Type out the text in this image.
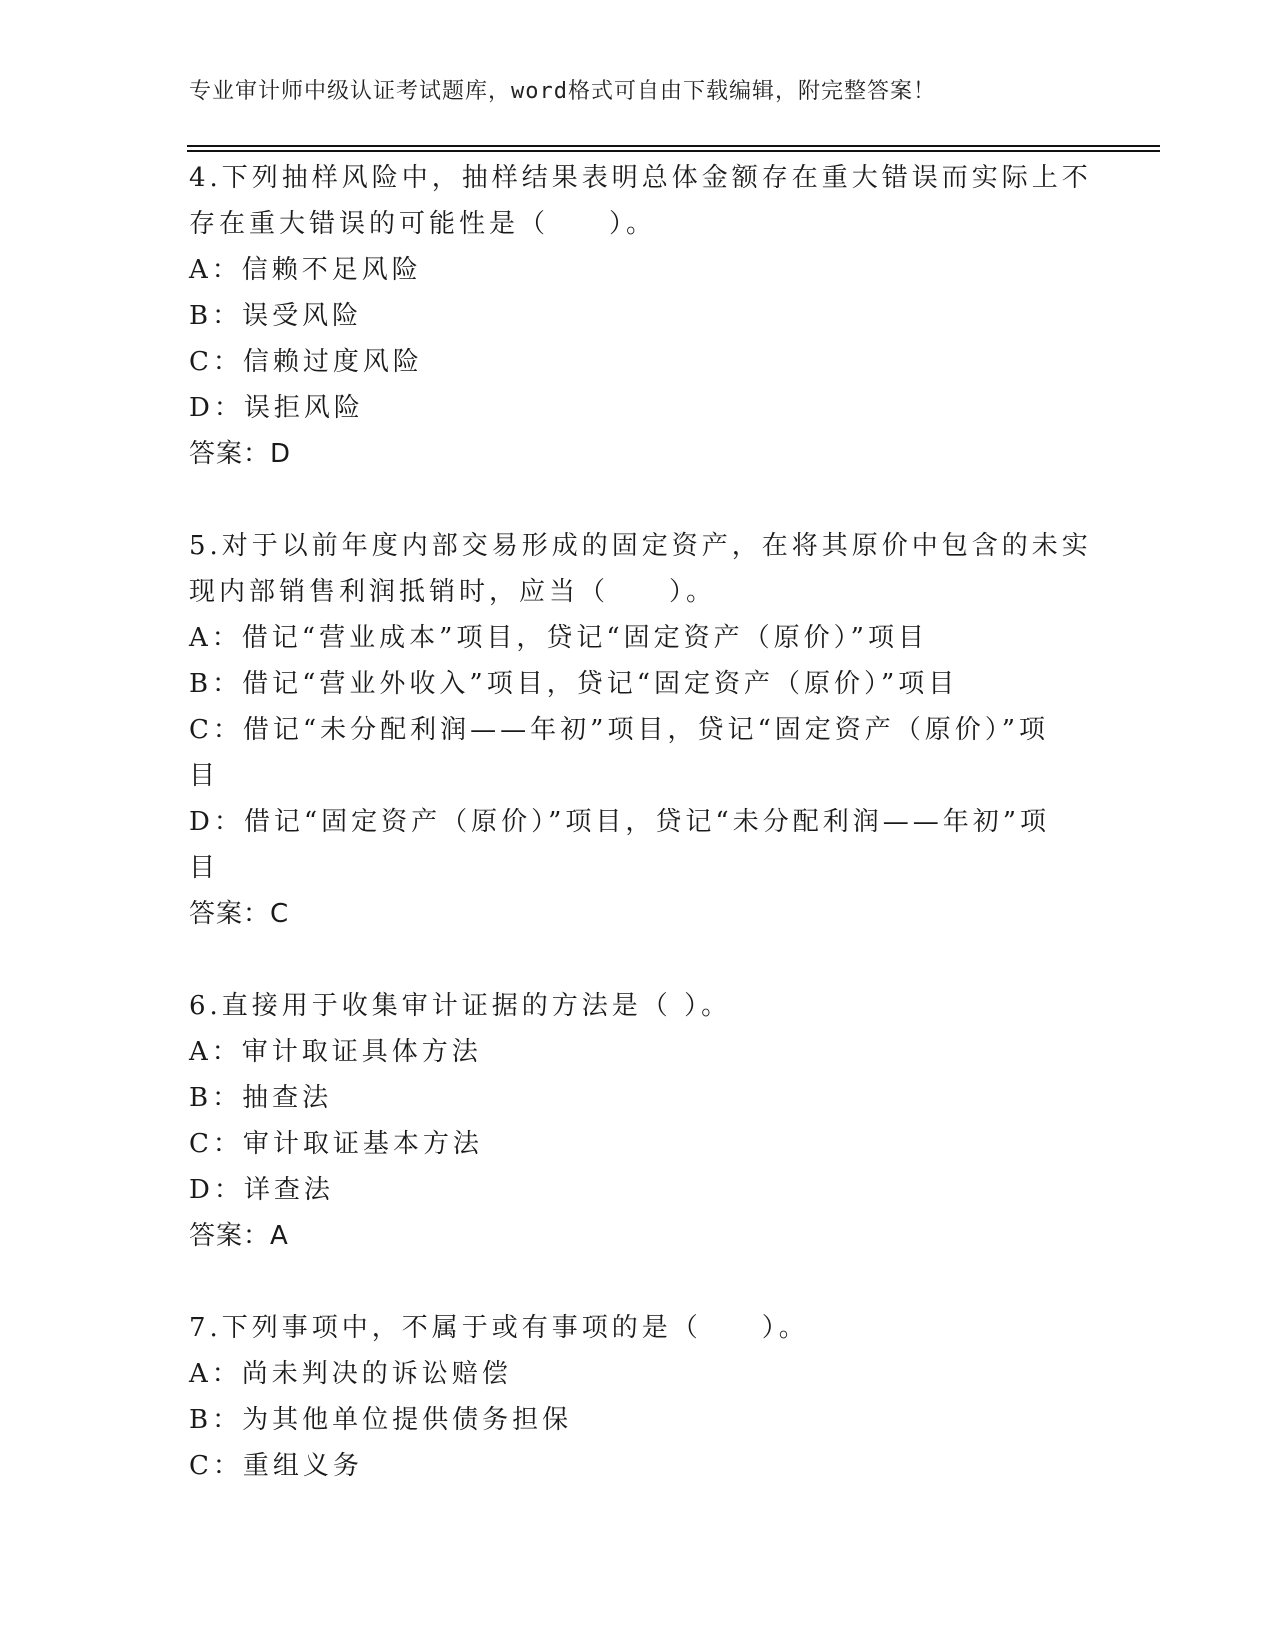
专业审计师中级认证考试题库，word格式可自由下载编辑，附完整答案！
4.下列抽样风险中，抽样结果表明总体金额存在重大错误而实际上不
存在重大错误的可能性是（　　）。
A：信赖不足风险
B：误受风险
C：信赖过度风险
D：误拒风险
答案：D
5.对于以前年度内部交易形成的固定资产，在将其原价中包含的未实
现内部销售利润抵销时，应当（　　）。
A：借记“营业成本”项目，贷记“固定资产（原价）”项目
B：借记“营业外收入”项目，贷记“固定资产（原价）”项目
C：借记“未分配利润——年初”项目，贷记“固定资产（原价）”项
目
D：借记“固定资产（原价）”项目，贷记“未分配利润——年初”项
目
答案：C
6.直接用于收集审计证据的方法是（ ）。
A：审计取证具体方法
B：抽查法
C：审计取证基本方法
D：详查法
答案：A
7.下列事项中，不属于或有事项的是（　　）。
A：尚未判决的诉讼赔偿
B：为其他单位提供债务担保
C：重组义务
